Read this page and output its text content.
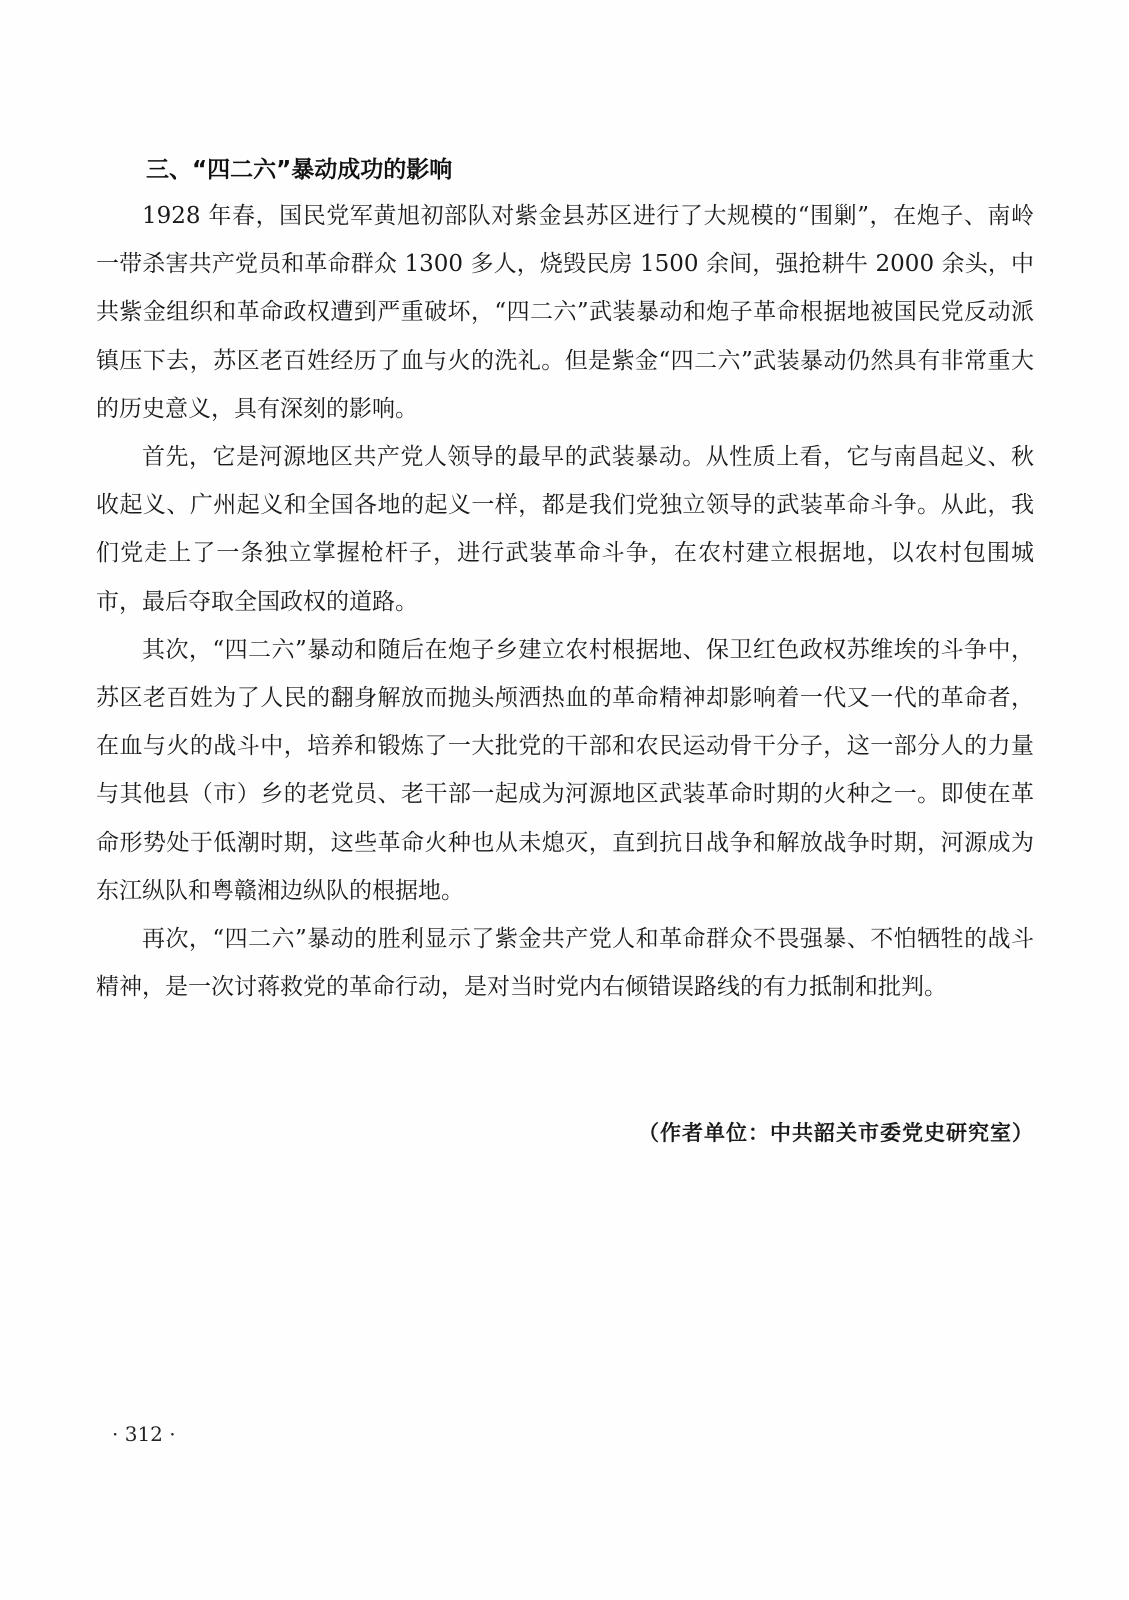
三、“四二六”暴动成功的影响

1928 年春，国民党军黄旭初部队对紫金县苏区进行了大规模的“围剿”，在炮子、南岭一带杀害共产党员和革命群众 1300 多人，烧毁民房 1500 余间，强抢耕牛 2000 余头，中共紫金组织和革命政权遭到严重破坏，“四二六”武装暴动和炮子革命根据地被国民党反动派镇压下去，苏区老百姓经历了血与火的洗礼。但是紫金“四二六”武装暴动仍然具有非常重大的历史意义，具有深刻的影响。

首先，它是河源地区共产党人领导的最早的武装暴动。从性质上看，它与南昌起义、秋收起义、广州起义和全国各地的起义一样，都是我们党独立领导的武装革命斗争。从此，我们党走上了一条独立掌握枪杆子，进行武装革命斗争，在农村建立根据地，以农村包围城市，最后夺取全国政权的道路。

其次，“四二六”暴动和随后在炮子乡建立农村根据地、保卫红色政权苏维埃的斗争中，苏区老百姓为了人民的翻身解放而抛头颅洒热血的革命精神却影响着一代又一代的革命者，在血与火的战斗中，培养和锻炼了一大批党的干部和农民运动骨干分子，这一部分人的力量与其他县（市）乡的老党员、老干部一起成为河源地区武装革命时期的火种之一。即使在革命形势处于低潮时期，这些革命火种也从未熄灭，直到抗日战争和解放战争时期，河源成为东江纵队和粤赣湘边纵队的根据地。

再次，“四二六”暴动的胜利显示了紫金共产党人和革命群众不畏强暴、不怕牺牲的战斗精神，是一次讨蒋救党的革命行动，是对当时党内右倾错误路线的有力抵制和批判。

（作者单位：中共韶关市委党史研究室）
· 312 ·
